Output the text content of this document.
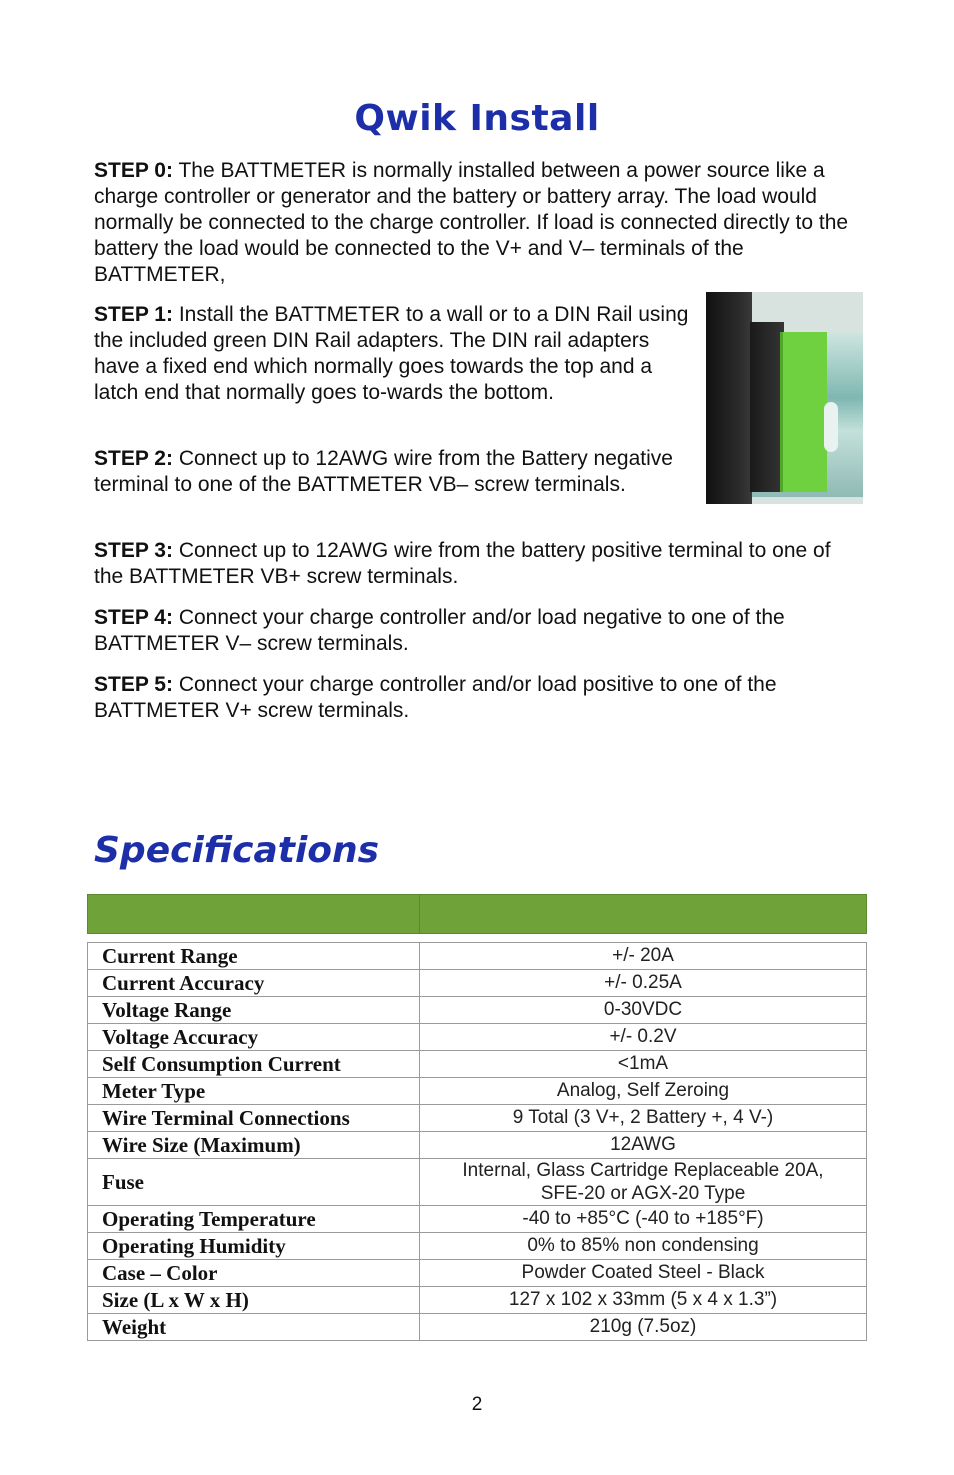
Qwik Install

STEP 0: The BATTMETER is normally installed between a power source like a charge controller or generator and the battery or battery array. The load would normally be connected to the charge controller. If load is connected directly to the battery the load would be connected to the V+ and V– terminals of the BATTMETER,

STEP 1: Install the BATTMETER to a wall or to a DIN Rail using the included green DIN Rail adapters. The DIN rail adapters have a fixed end which normally goes towards the top and a latch end that normally goes to-wards the bottom.

STEP 2: Connect up to 12AWG wire from the Battery negative terminal to one of the BATTMETER VB– screw terminals.

STEP 3: Connect up to 12AWG wire from the battery positive terminal to one of the BATTMETER VB+ screw terminals.

STEP 4: Connect your charge controller and/or load negative to one of the BATTMETER V– screw terminals.

STEP 5: Connect your charge controller and/or load positive to one of the BATTMETER V+ screw terminals.

Specifications

Current Range	+/- 20A
Current Accuracy	+/- 0.25A
Voltage Range	0-30VDC
Voltage Accuracy	+/- 0.2V
Self Consumption Current	<1mA
Meter Type	Analog, Self Zeroing
Wire Terminal Connections	9 Total (3 V+, 2 Battery +, 4 V-)
Wire Size (Maximum)	12AWG
Fuse	Internal, Glass Cartridge Replaceable 20A,
SFE-20 or AGX-20 Type

Operating Temperature	-40 to +85°C (-40 to +185°F)
Operating Humidity	0% to 85% non condensing
Case – Color	Powder Coated Steel - Black
Size (L x W x H)	127 x 102 x 33mm (5 x 4 x 1.3”)
Weight	210g (7.5oz)
2
